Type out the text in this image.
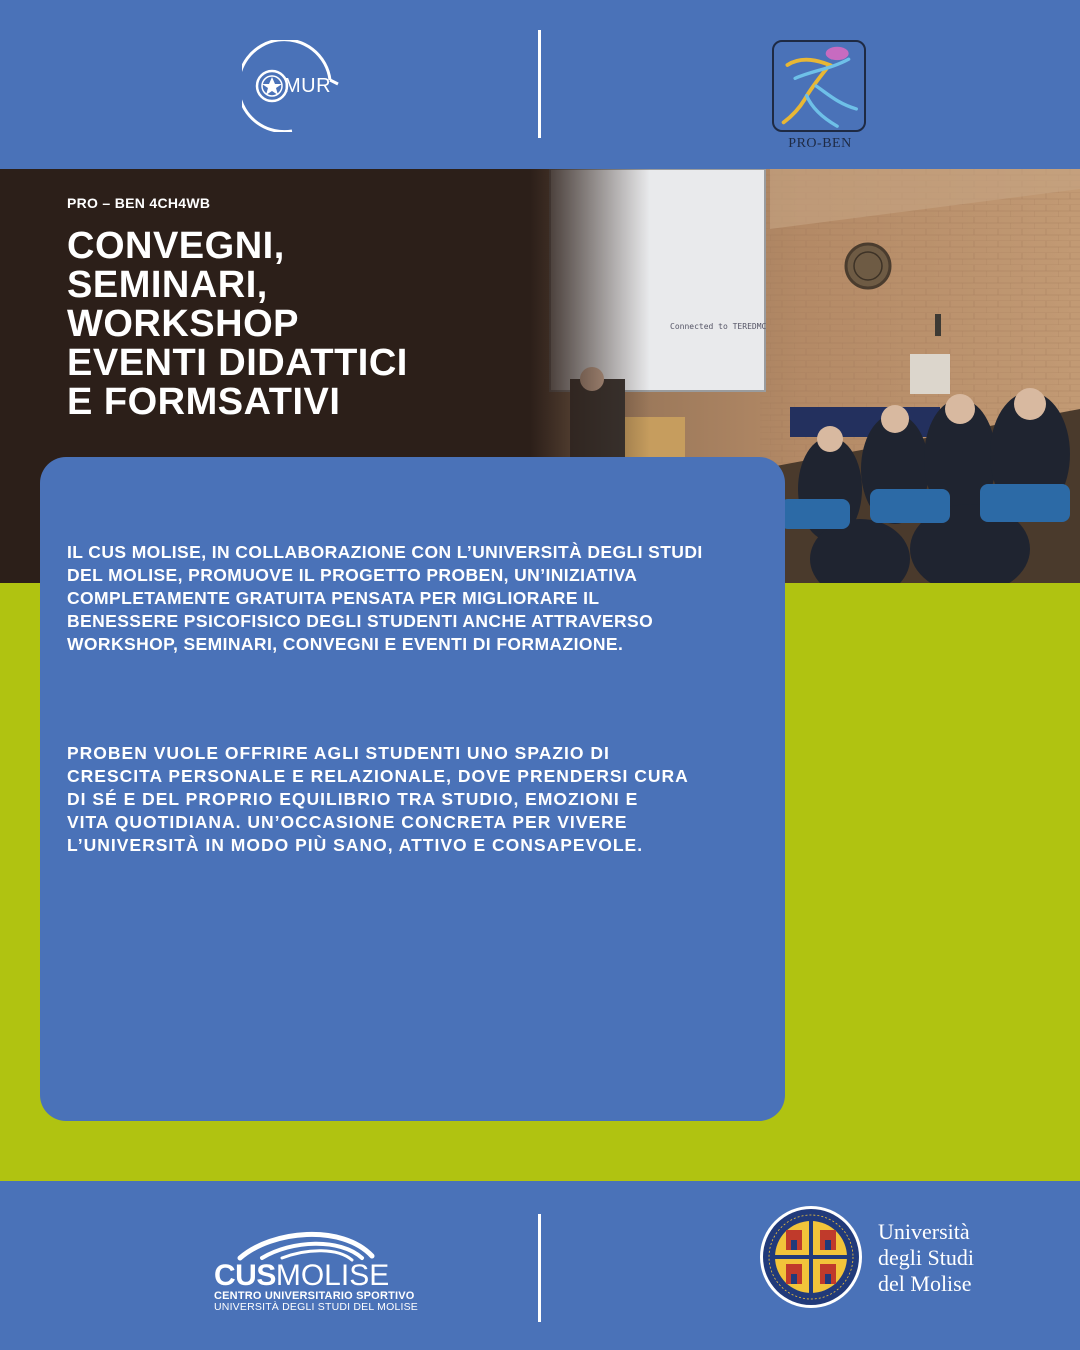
MUR
PRO-BEN
Connected to TEREDMC
PRO – BEN 4CH4WB
CONVEGNI,
SEMINARI,
WORKSHOP
EVENTI DIDATTICI
E FORMSATIVI
IL CUS MOLISE, IN COLLABORAZIONE CON L’UNIVERSITÀ DEGLI STUDI
DEL MOLISE, PROMUOVE IL PROGETTO PROBEN, UN’INIZIATIVA
COMPLETAMENTE GRATUITA PENSATA PER MIGLIORARE IL
BENESSERE PSICOFISICO DEGLI STUDENTI ANCHE ATTRAVERSO
WORKSHOP, SEMINARI, CONVEGNI E EVENTI DI FORMAZIONE.
PROBEN VUOLE OFFRIRE AGLI STUDENTI UNO SPAZIO DI
CRESCITA PERSONALE E RELAZIONALE, DOVE PRENDERSI CURA
DI SÉ E DEL PROPRIO EQUILIBRIO TRA STUDIO, EMOZIONI E
VITA QUOTIDIANA. UN’OCCASIONE CONCRETA PER VIVERE
L’UNIVERSITÀ IN MODO PIÙ SANO, ATTIVO E CONSAPEVOLE.
CUSMOLISE
CENTRO UNIVERSITARIO SPORTIVO
UNIVERSITÀ DEGLI STUDI DEL MOLISE
Università
degli Studi
del Molise
